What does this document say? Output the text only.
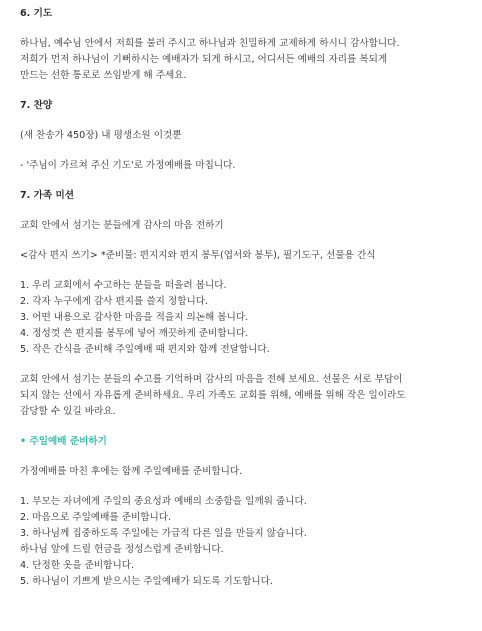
6. 기도

하나님, 예수님 안에서 저희를 불러 주시고 하나님과 친밀하게 교제하게 하시니 감사합니다.

저희가 먼저 하나님이 기뻐하시는 예배자가 되게 하시고, 어디서든 예배의 자리를 복되게

만드는 선한 통로로 쓰임받게 해 주세요.

7. 찬양

(새 찬송가 450장) 내 평생소원 이것뿐

- '주님이 가르쳐 주신 기도'로 가정예배를 마칩니다.

7. 가족 미션

교회 안에서 섬기는 분들에게 감사의 마음 전하기

<감사 편지 쓰기> *준비물: 편지지와 편지 봉투(엽서와 봉투), 필기도구, 선물용 간식

1. 우리 교회에서 수고하는 분들을 떠올려 봅니다.
2. 각자 누구에게 감사 편지를 쓸지 정합니다.
3. 어떤 내용으로 감사한 마음을 적을지 의논해 봅니다.
4. 정성껏 쓴 편지를 봉투에 넣어 깨끗하게 준비합니다.
5. 작은 간식을 준비해 주일예배 때 편지와 함께 전달합니다.

교회 안에서 섬기는 분들의 수고를 기억하며 감사의 마음을 전해 보세요. 선물은 서로 부담이

되지 않는 선에서 자유롭게 준비하세요. 우리 가족도 교회를 위해, 예배를 위해 작은 일이라도

감당할 수 있길 바라요.

• 주일예배 준비하기

가정예배를 마친 후에는 함께 주일예배를 준비합니다.

1. 부모는 자녀에게 주일의 중요성과 예배의 소중함을 일깨워 줍니다.
2. 마음으로 주일예배를 준비합니다.
3. 하나님께 집중하도록 주일에는 가급적 다른 일을 만들지 않습니다.
하나님 앞에 드릴 헌금을 정성스럽게 준비합니다.
4. 단정한 옷을 준비합니다.
5. 하나님이 기쁘게 받으시는 주일예배가 되도록 기도합니다.
